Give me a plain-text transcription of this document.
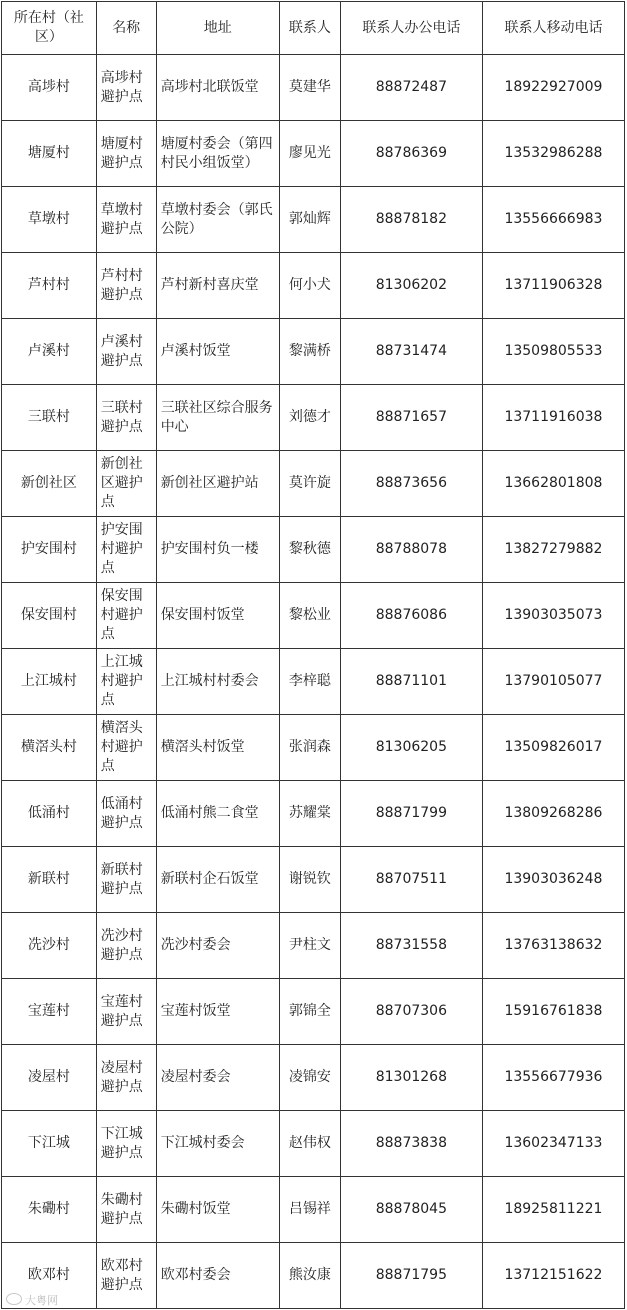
所在村（社区）	名称	地址	联系人	联系人办公电话	联系人移动电话
高埗村	高埗村避护点	高埗村北联饭堂	莫建华	88872487	18922927009
塘厦村	塘厦村避护点	塘厦村委会（第四村民小组饭堂）	廖见光	88786369	13532986288
草墩村	草墩村避护点	草墩村委会（郭氏公院）	郭灿辉	88878182	13556666983
芦村村	芦村村避护点	芦村新村喜庆堂	何小犬	81306202	13711906328
卢溪村	卢溪村避护点	卢溪村饭堂	黎满桥	88731474	13509805533
三联村	三联村避护点	三联社区综合服务中心	刘德才	88871657	13711916038
新创社区	新创社区避护点	新创社区避护站	莫许旋	88873656	13662801808
护安围村	护安围村避护点	护安围村负一楼	黎秋德	88788078	13827279882
保安围村	保安围村避护点	保安围村饭堂	黎松业	88876086	13903035073
上江城村	上江城村避护点	上江城村村委会	李梓聪	88871101	13790105077
横滘头村	横滘头村避护点	横滘头村饭堂	张润森	81306205	13509826017
低涌村	低涌村避护点	低涌村熊二食堂	苏耀棠	88871799	13809268286
新联村	新联村避护点	新联村企石饭堂	谢锐钦	88707511	13903036248
冼沙村	冼沙村避护点	冼沙村委会	尹柱文	88731558	13763138632
宝莲村	宝莲村避护点	宝莲村饭堂	郭锦全	88707306	15916761838
凌屋村	凌屋村避护点	凌屋村委会	凌锦安	81301268	13556677936
下江城	下江城避护点	下江城村委会	赵伟权	88873838	13602347133
朱磡村	朱磡村避护点	朱磡村饭堂	吕锡祥	88878045	18925811221
欧邓村	欧邓村避护点	欧邓村委会	熊汝康	88871795	13712151622
大粤网
